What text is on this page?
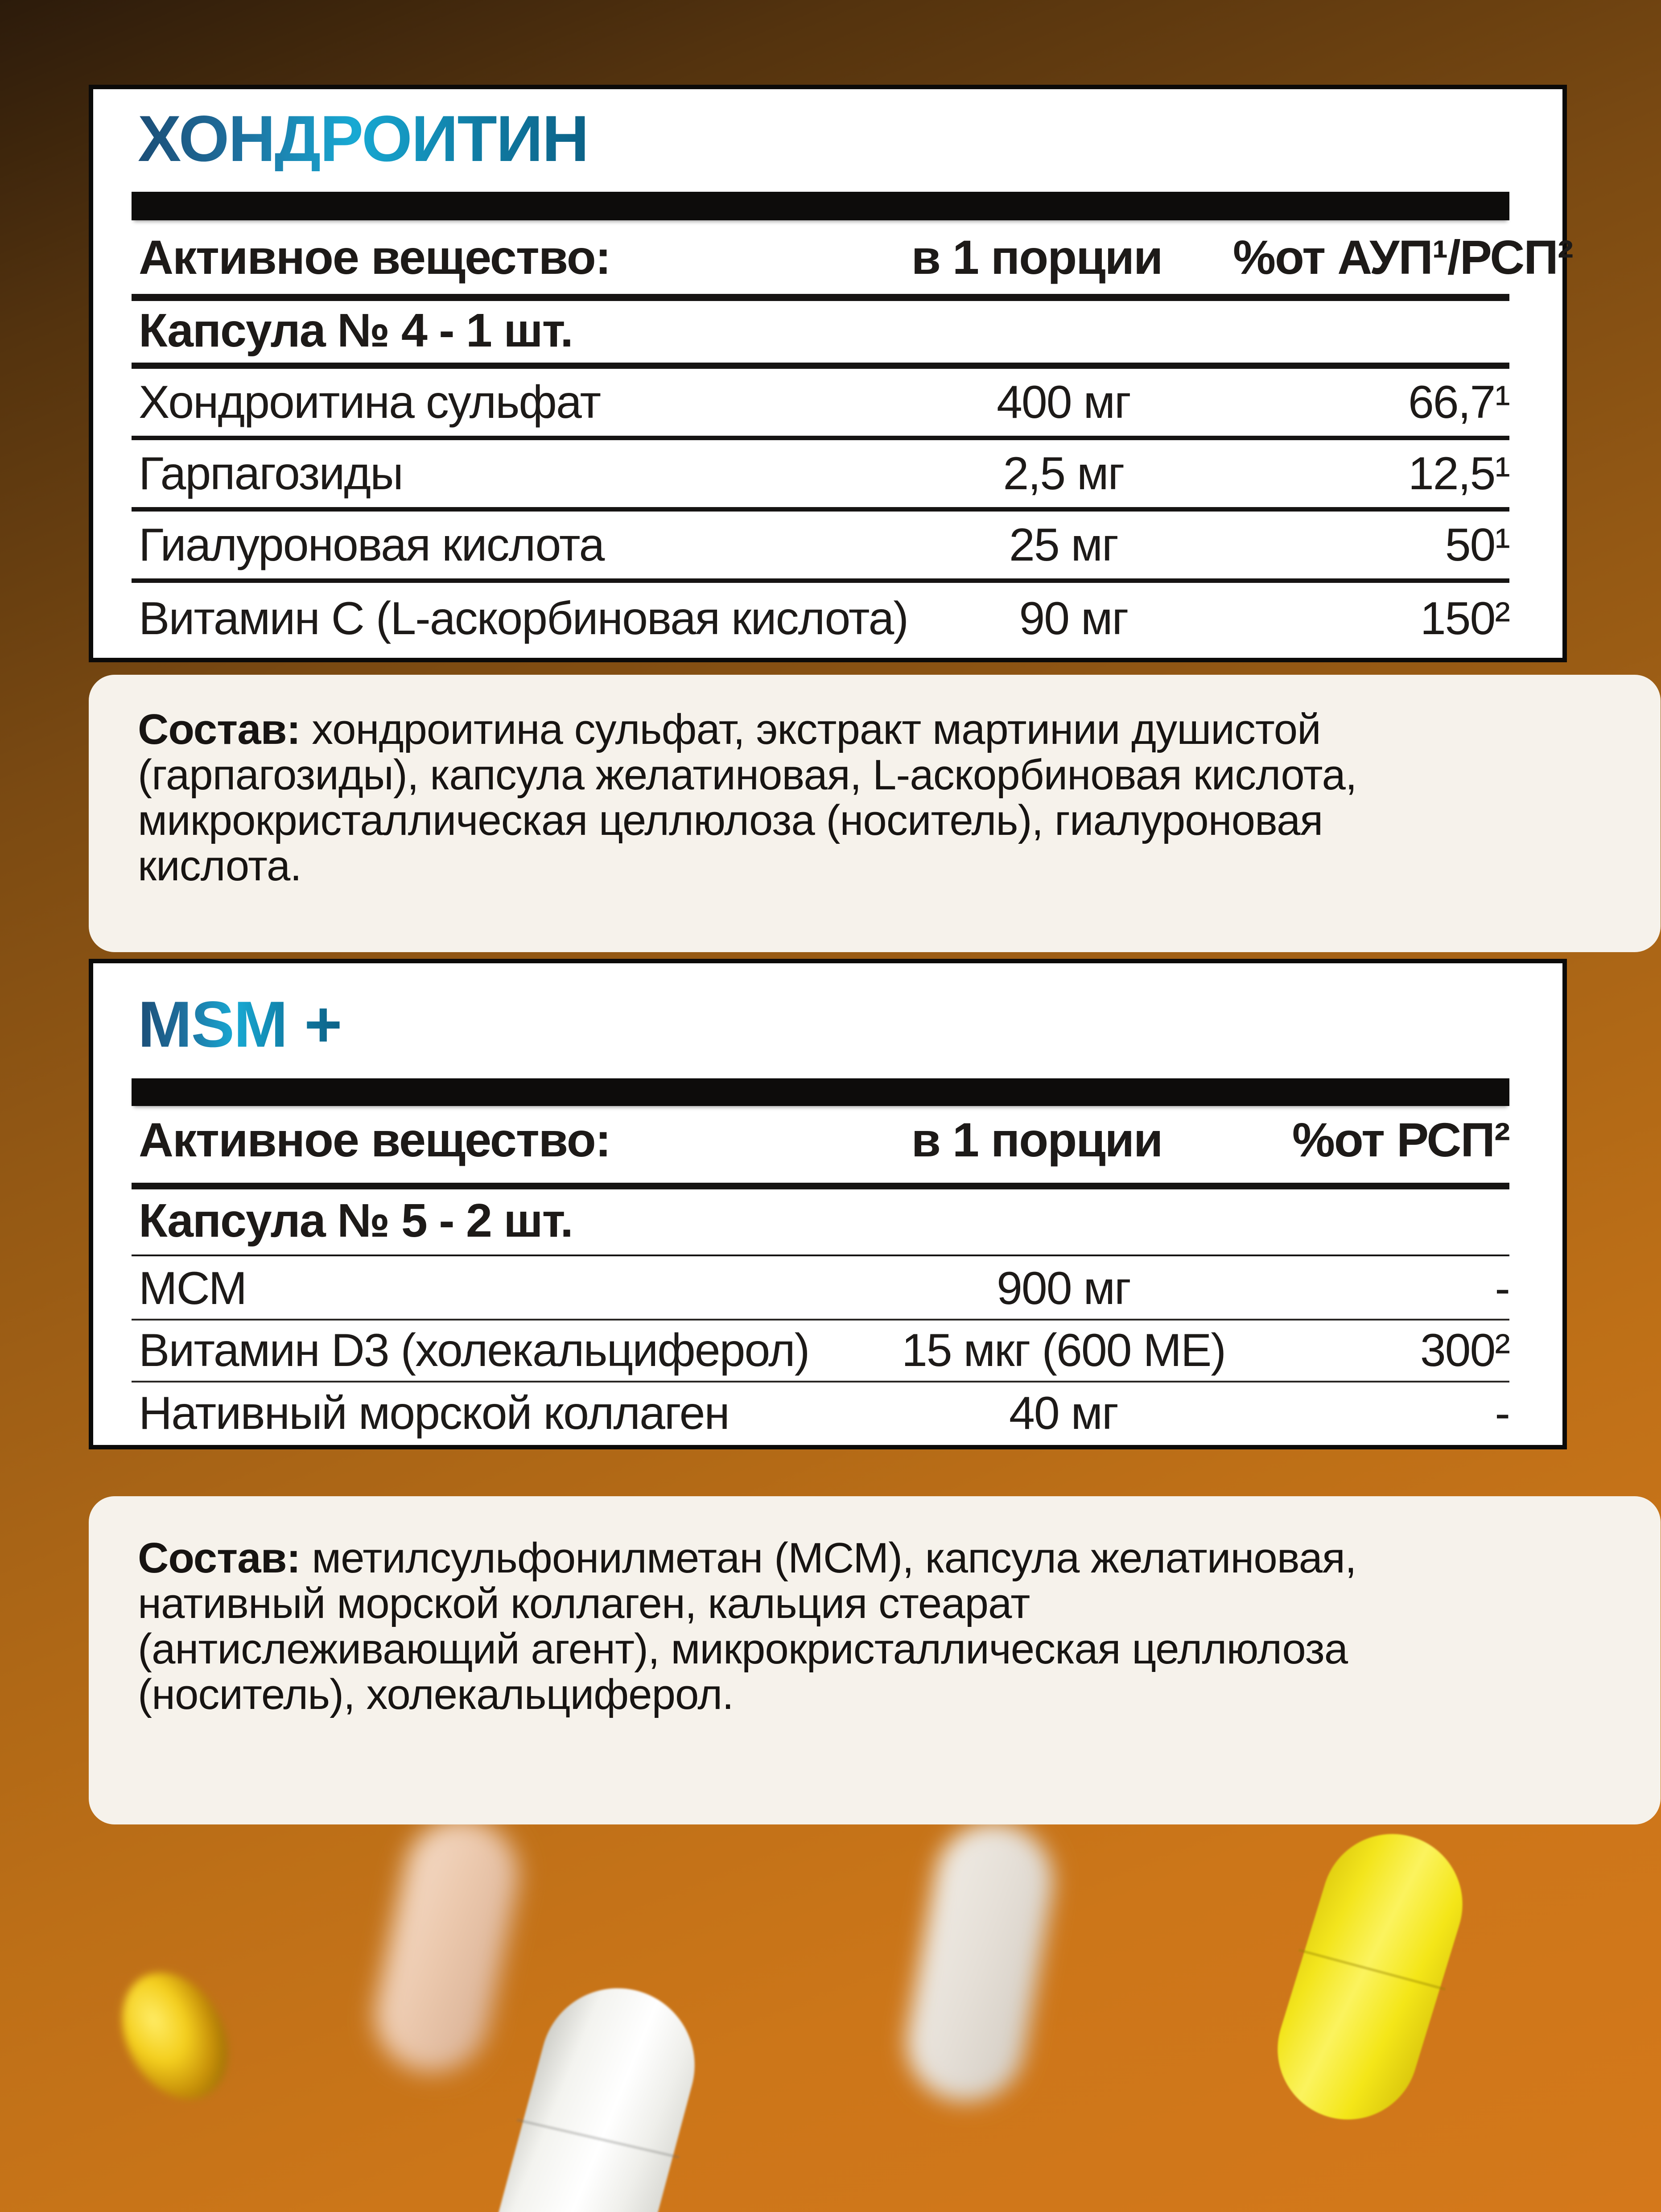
ХОНДРОИТИН
Активное вещество:	в 1 порции	%от АУП¹/РСП²
Капсула № 4 - 1 шт.
Хондроитина сульфат	400 мг	66,7¹
Гарпагозиды	2,5 мг	12,5¹
Гиалуроновая кислота	25 мг	50¹
Витамин C (L-аскорбиновая кислота)	90 мг	150²
Состав: хондроитина сульфат, экстракт мартинии душистой
(гарпагозиды), капсула желатиновая, L-аскорбиновая кислота,
микрокристаллическая целлюлоза (носитель), гиалуроновая
кислота.
MSM +
Активное вещество:	в 1 порции	%от РСП²
Капсула № 5 - 2 шт.
МСМ	900 мг	-
Витамин D3 (холекальциферол)	15 мкг (600 МЕ)	300²
Нативный морской коллаген	40 мг	-
Состав: метилсульфонилметан (МСМ), капсула желатиновая,
нативный морской коллаген, кальция стеарат
(антислеживающий агент), микрокристаллическая целлюлоза
(носитель), холекальциферол.
